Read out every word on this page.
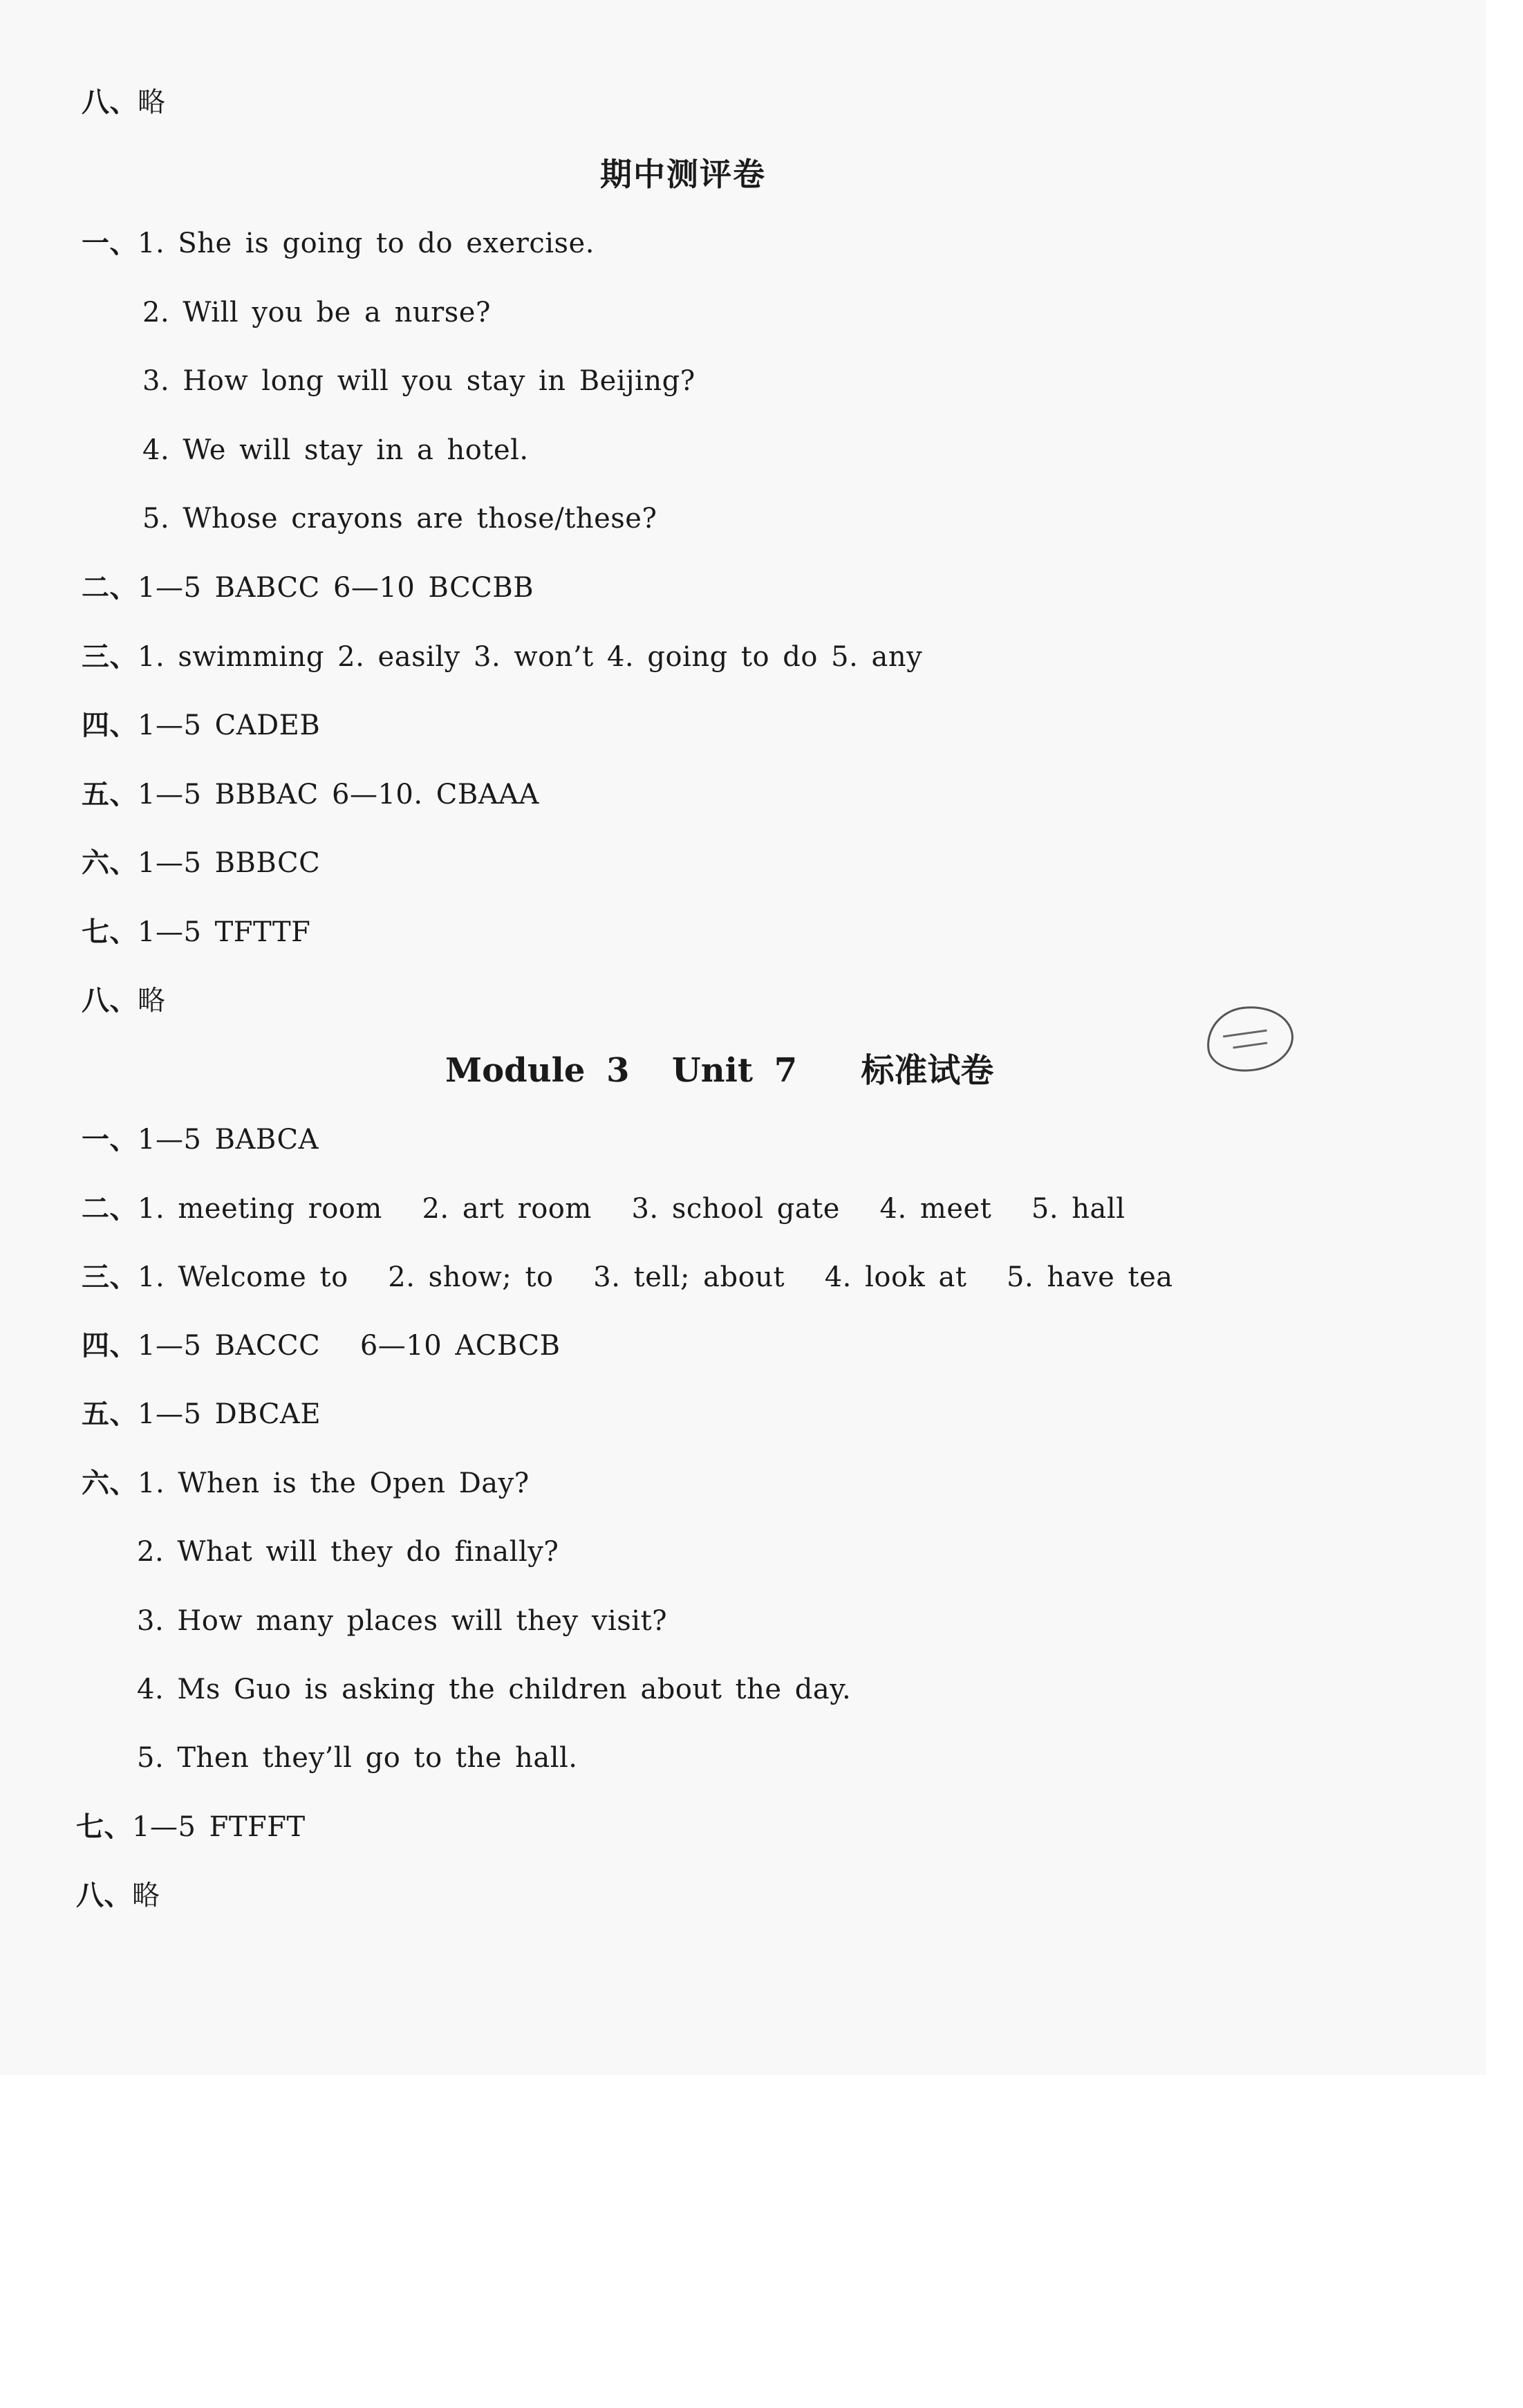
八、略
期中测评卷
一、1. She is going to do exercise.
2. Will you be a nurse?
3. How long will you stay in Beijing?
4. We will stay in a hotel.
5. Whose crayons are those/these?
二、1—5 BABCC 6—10 BCCBB
三、1. swimming 2. easily 3. won’t 4. going to do 5. any
四、1—5 CADEB
五、1—5 BBBAC 6—10. CBAAA
六、1—5 BBBCC
七、1—5 TFTTF
八、略
Module 3  Unit 7 标准试卷
一、1—5 BABCA
二、1. meeting room   2. art room   3. school gate   4. meet   5. hall
三、1. Welcome to   2. show; to   3. tell; about   4. look at   5. have tea
四、1—5 BACCC   6—10 ACBCB
五、1—5 DBCAE
六、1. When is the Open Day?
2. What will they do finally?
3. How many places will they visit?
4. Ms Guo is asking the children about the day.
5. Then they’ll go to the hall.
七、1—5 FTFFT
八、略
